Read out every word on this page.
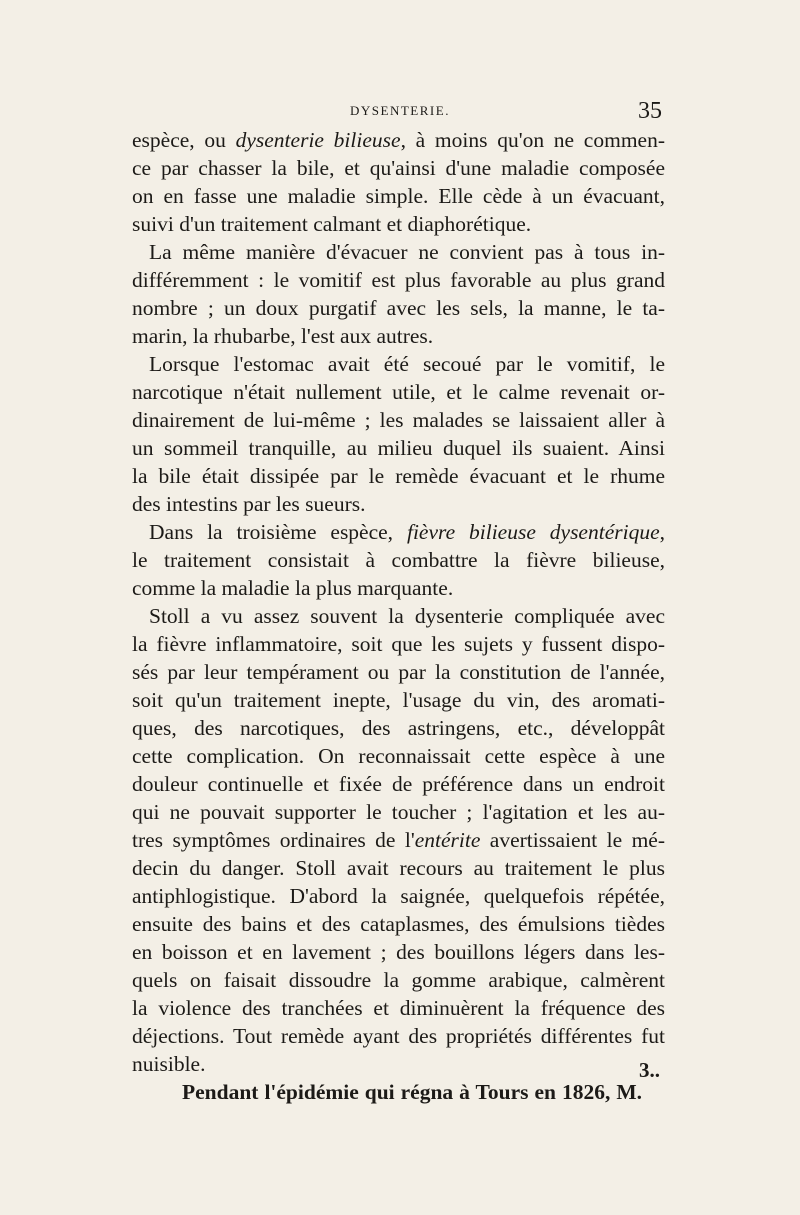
DYSENTERIE.	35
espèce, ou dysenterie bilieuse, à moins qu'on ne commen-
ce par chasser la bile, et qu'ainsi d'une maladie composée
on en fasse une maladie simple. Elle cède à un évacuant,
suivi d'un traitement calmant et diaphorétique.
La même manière d'évacuer ne convient pas à tous in-
différemment : le vomitif est plus favorable au plus grand
nombre ; un doux purgatif avec les sels, la manne, le ta-
marin, la rhubarbe, l'est aux autres.
Lorsque l'estomac avait été secoué par le vomitif, le
narcotique n'était nullement utile, et le calme revenait or-
dinairement de lui-même ; les malades se laissaient aller à
un sommeil tranquille, au milieu duquel ils suaient. Ainsi
la bile était dissipée par le remède évacuant et le rhume
des intestins par les sueurs.
Dans la troisième espèce, fièvre bilieuse dysentérique,
le traitement consistait à combattre la fièvre bilieuse,
comme la maladie la plus marquante.
Stoll a vu assez souvent la dysenterie compliquée avec
la fièvre inflammatoire, soit que les sujets y fussent dispo-
sés par leur tempérament ou par la constitution de l'année,
soit qu'un traitement inepte, l'usage du vin, des aromati-
ques, des narcotiques, des astringens, etc., développât
cette complication. On reconnaissait cette espèce à une
douleur continuelle et fixée de préférence dans un endroit
qui ne pouvait supporter le toucher ; l'agitation et les au-
tres symptômes ordinaires de l'entérite avertissaient le mé-
decin du danger. Stoll avait recours au traitement le plus
antiphlogistique. D'abord la saignée, quelquefois répétée,
ensuite des bains et des cataplasmes, des émulsions tièdes
en boisson et en lavement ; des bouillons légers dans les-
quels on faisait dissoudre la gomme arabique, calmèrent
la violence des tranchées et diminuèrent la fréquence des
déjections. Tout remède ayant des propriétés différentes fut
nuisible.
Pendant l'épidémie qui régna à Tours en 1826, M.
3..
